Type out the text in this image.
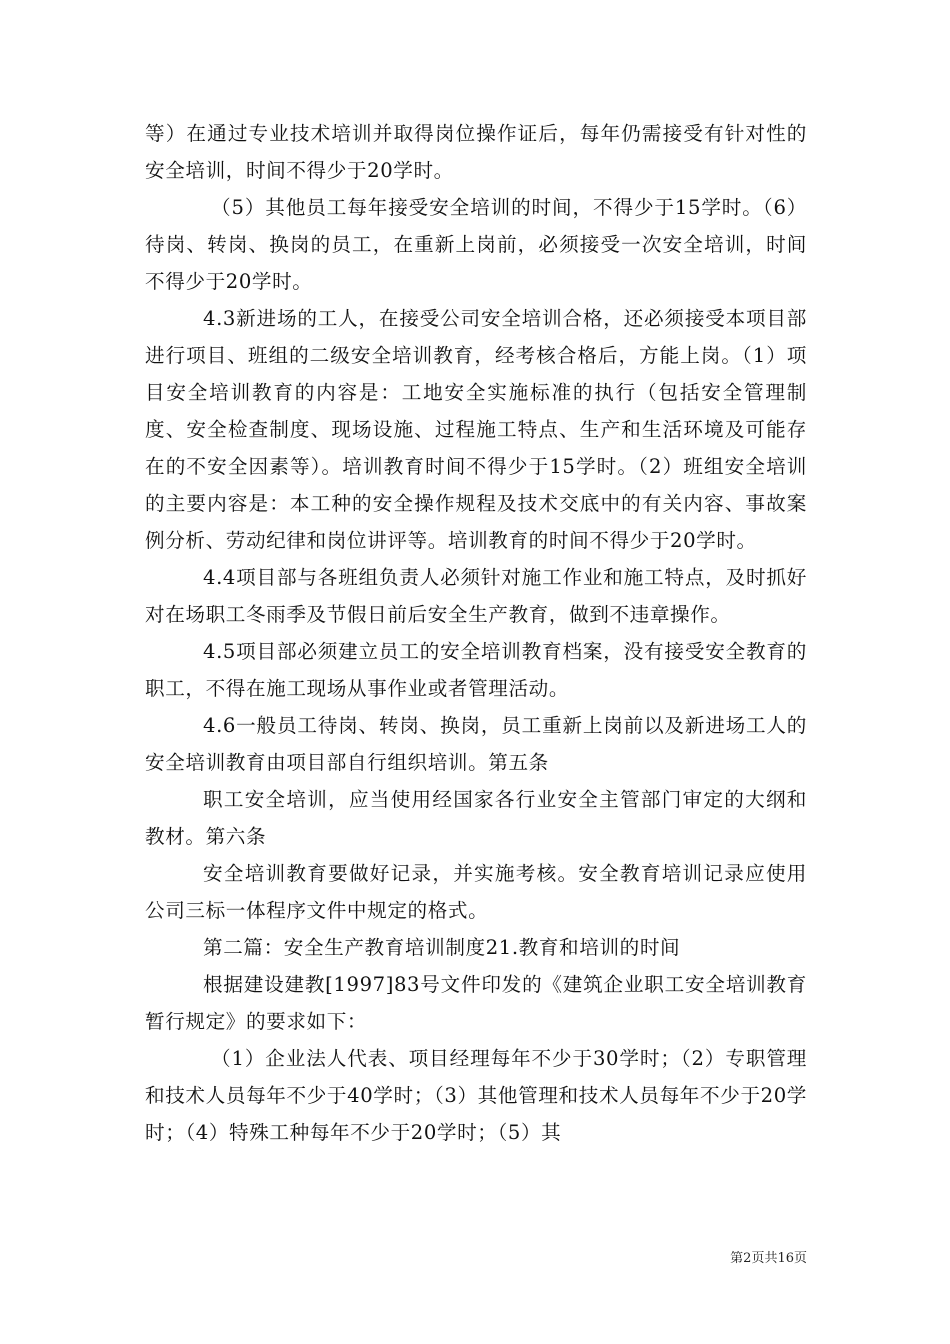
等）在通过专业技术培训并取得岗位操作证后，每年仍需接受有针对性的安全培训，时间不得少于20学时。

（5）其他员工每年接受安全培训的时间，不得少于15学时。（6）待岗、转岗、换岗的员工，在重新上岗前，必须接受一次安全培训，时间不得少于20学时。

4.3新进场的工人，在接受公司安全培训合格，还必须接受本项目部进行项目、班组的二级安全培训教育，经考核合格后，方能上岗。（1）项目安全培训教育的内容是：工地安全实施标准的执行（包括安全管理制度、安全检查制度、现场设施、过程施工特点、生产和生活环境及可能存在的不安全因素等）。培训教育时间不得少于15学时。（2）班组安全培训的主要内容是：本工种的安全操作规程及技术交底中的有关内容、事故案例分析、劳动纪律和岗位讲评等。培训教育的时间不得少于20学时。

4.4项目部与各班组负责人必须针对施工作业和施工特点，及时抓好对在场职工冬雨季及节假日前后安全生产教育，做到不违章操作。

4.5项目部必须建立员工的安全培训教育档案，没有接受安全教育的职工，不得在施工现场从事作业或者管理活动。

4.6一般员工待岗、转岗、换岗，员工重新上岗前以及新进场工人的安全培训教育由项目部自行组织培训。第五条

职工安全培训，应当使用经国家各行业安全主管部门审定的大纲和教材。第六条

安全培训教育要做好记录，并实施考核。安全教育培训记录应使用公司三标一体程序文件中规定的格式。

第二篇：安全生产教育培训制度21.教育和培训的时间

根据建设建教[1997]83号文件印发的《建筑企业职工安全培训教育暂行规定》的要求如下：

（1）企业法人代表、项目经理每年不少于30学时；（2）专职管理和技术人员每年不少于40学时；（3）其他管理和技术人员每年不少于20学时；（4）特殊工种每年不少于20学时；（5）其

第2页共16页
